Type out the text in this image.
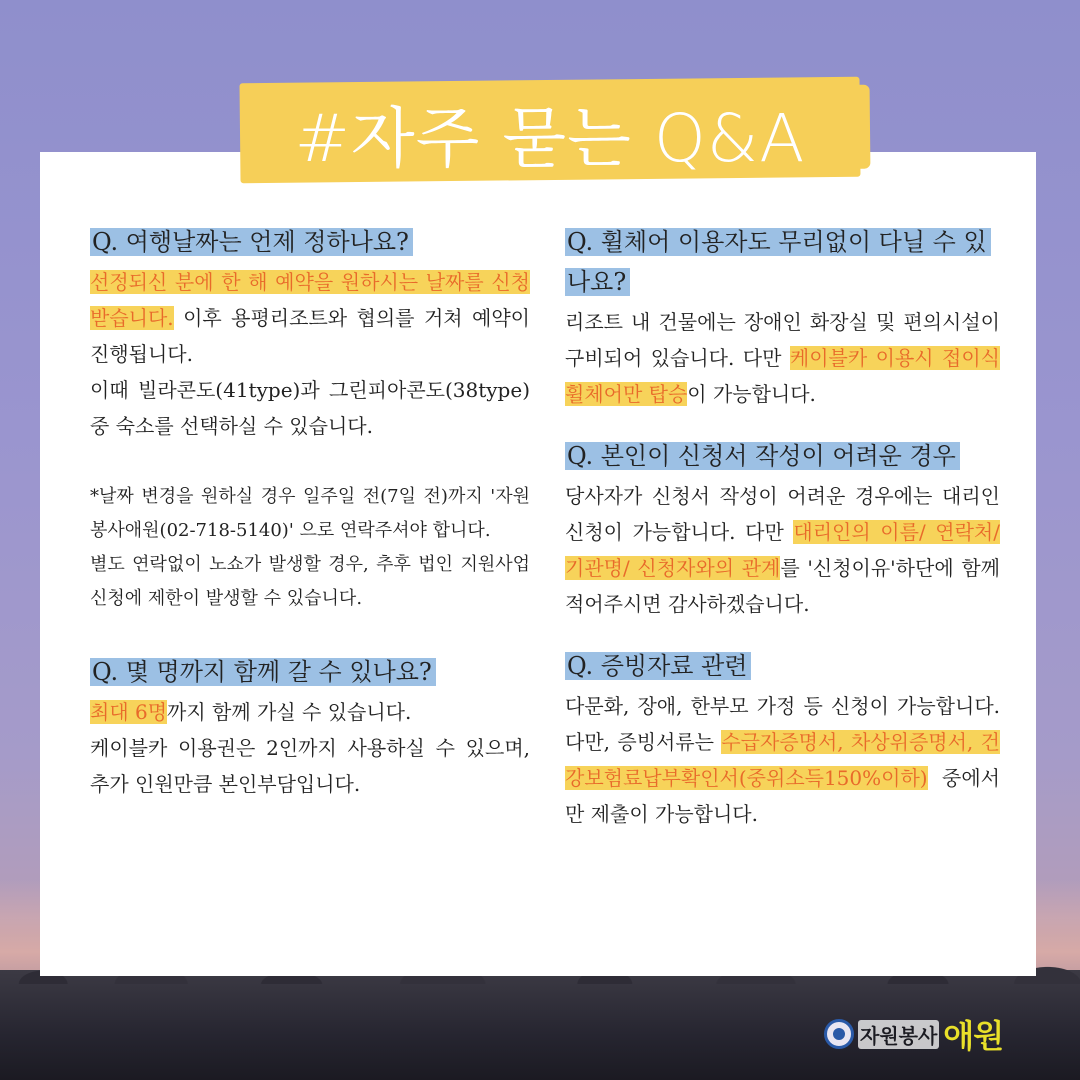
#자주 묻는 Q&A
Q. 여행날짜는 언제 정하나요?
선정되신 분에 한 해 예약을 원하시는 날짜를 신청받습니다. 이후 용평리조트와 협의를 거쳐 예약이 진행됩니다.
이때 빌라콘도(41type)과 그린피아콘도(38type) 중 숙소를 선택하실 수 있습니다.
*날짜 변경을 원하실 경우 일주일 전(7일 전)까지 '자원봉사애원(02-718-5140)' 으로 연락주셔야 합니다.
별도 연락없이 노쇼가 발생할 경우, 추후 법인 지원사업 신청에 제한이 발생할 수 있습니다.
Q. 몇 명까지 함께 갈 수 있나요?
최대 6명까지 함께 가실 수 있습니다.
케이블카 이용권은 2인까지 사용하실 수 있으며, 추가 인원만큼 본인부담입니다.
Q. 휠체어 이용자도 무리없이 다닐 수 있나요?
리조트 내 건물에는 장애인 화장실 및 편의시설이 구비되어 있습니다. 다만 케이블카 이용시 접이식 휠체어만 탑승이 가능합니다.
Q. 본인이 신청서 작성이 어려운 경우
당사자가 신청서 작성이 어려운 경우에는 대리인 신청이 가능합니다. 다만 대리인의 이름/ 연락처/ 기관명/ 신청자와의 관계를 '신청이유'하단에 함께 적어주시면 감사하겠습니다.
Q. 증빙자료 관련
다문화, 장애, 한부모 가정 등 신청이 가능합니다. 다만, 증빙서류는 수급자증명서, 차상위증명서, 건강보험료납부확인서(중위소득150%이하) 중에서만 제출이 가능합니다.
자원봉사 애원
